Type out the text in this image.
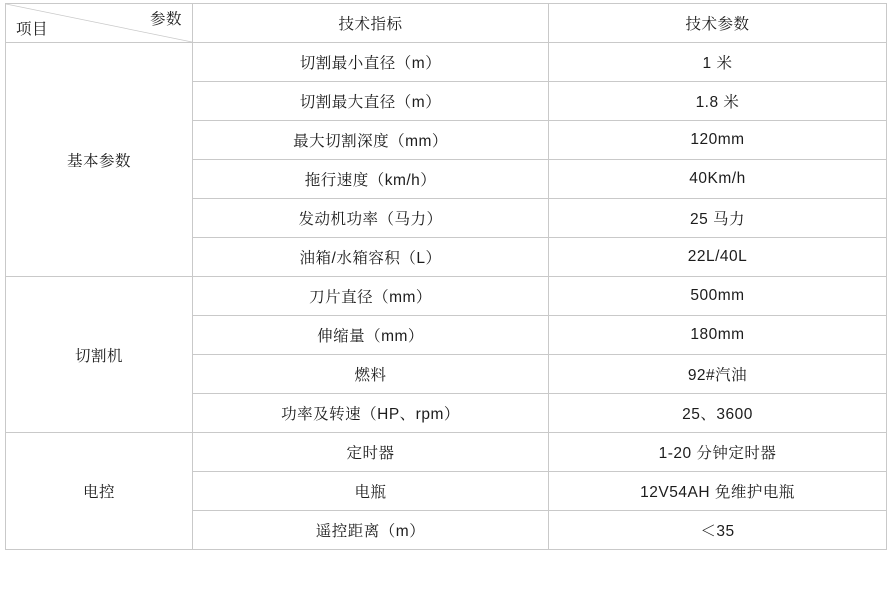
参数
项目	技术指标	技术参数
基本参数	切割最小直径（m）	1 米
	切割最大直径（m）	1.8 米
	最大切割深度（mm）	120mm
	拖行速度（km/h）	40Km/h
	发动机功率（马力）	25 马力
	油箱/水箱容积（L）	22L/40L
切割机	刀片直径（mm）	500mm
	伸缩量（mm）	180mm
	燃料	92#汽油
	功率及转速（HP、rpm）	25、3600
电控	定时器	1-20 分钟定时器
	电瓶	12V54AH 免维护电瓶
	遥控距离（m）	＜35
